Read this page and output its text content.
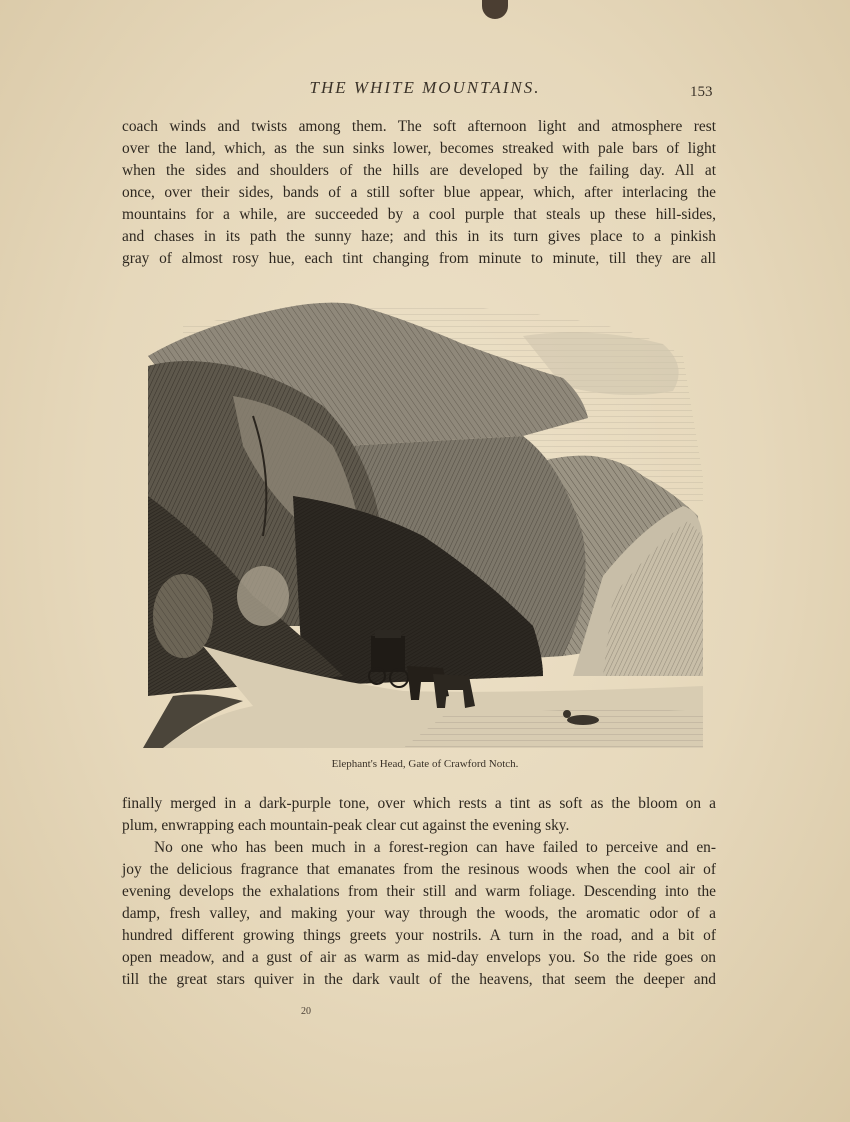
THE WHITE MOUNTAINS.	153
coach winds and twists among them. The soft afternoon light and atmosphere rest
over the land, which, as the sun sinks lower, becomes streaked with pale bars of light
when the sides and shoulders of the hills are developed by the failing day. All at
once, over their sides, bands of a still softer blue appear, which, after interlacing the
mountains for a while, are succeeded by a cool purple that steals up these hill-sides,
and chases in its path the sunny haze; and this in its turn gives place to a pinkish
gray of almost rosy hue, each tint changing from minute to minute, till they are all
Elephant's Head, Gate of Crawford Notch.
finally merged in a dark-purple tone, over which rests a tint as soft as the bloom on a
plum, enwrapping each mountain-peak clear cut against the evening sky.
No one who has been much in a forest-region can have failed to perceive and en-
joy the delicious fragrance that emanates from the resinous woods when the cool air of
evening develops the exhalations from their still and warm foliage. Descending into the
damp, fresh valley, and making your way through the woods, the aromatic odor of a
hundred different growing things greets your nostrils. A turn in the road, and a bit of
open meadow, and a gust of air as warm as mid-day envelops you. So the ride goes on
till the great stars quiver in the dark vault of the heavens, that seem the deeper and
20
